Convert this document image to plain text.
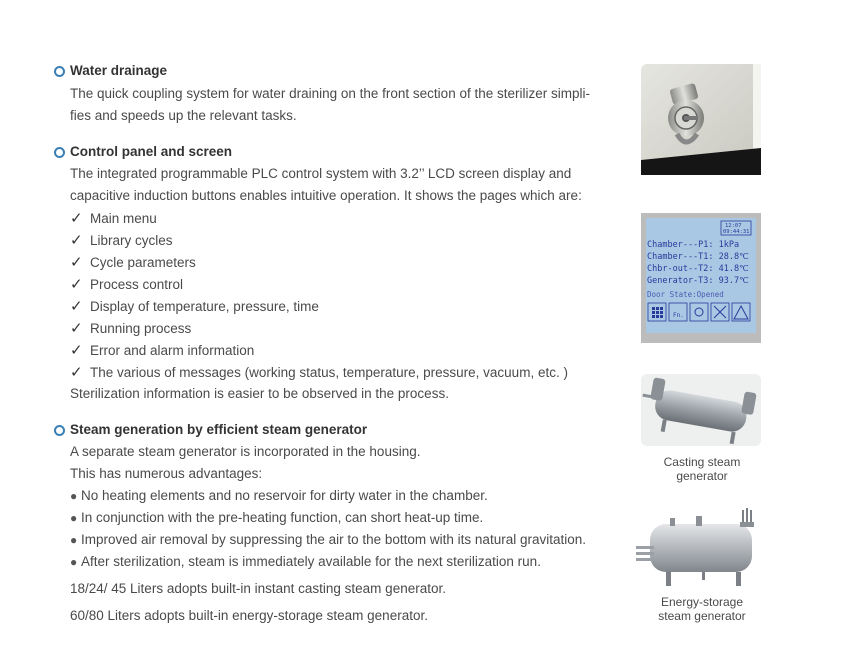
Water drainage
The quick coupling system for water draining on the front section of the sterilizer simpli-
fies and speeds up the relevant tasks.
Control panel and screen
The integrated programmable PLC control system with 3.2’’ LCD screen display and
capacitive induction buttons enables intuitive operation. It shows the pages which are:
✓ Main menu
✓ Library cycles
✓ Cycle parameters
✓ Process control
✓ Display of temperature, pressure, time
✓ Running process
✓ Error and alarm information
✓ The various of messages (working status, temperature, pressure, vacuum, etc. )
Sterilization information is easier to be observed in the process.
Steam generation by efficient steam generator
A separate steam generator is incorporated in the housing.
This has numerous advantages:
● No heating elements and no reservoir for dirty water in the chamber.
● In conjunction with the pre-heating function, can short heat-up time.
● Improved air removal by suppressing the air to the bottom with its natural gravitation.
● After sterilization, steam is immediately available for the next sterilization run.
18/24/ 45 Liters adopts built-in instant casting steam generator.
60/80 Liters adopts built-in energy-storage steam generator.
12:07
09:44:31
Chamber---P1: 1kPa
Chamber---T1: 28.8℃
Chbr-out--T2: 41.8℃
Generator-T3: 93.7℃
Door State:Opened
Fn.
Casting steam
generator
Energy-storage
steam generator
